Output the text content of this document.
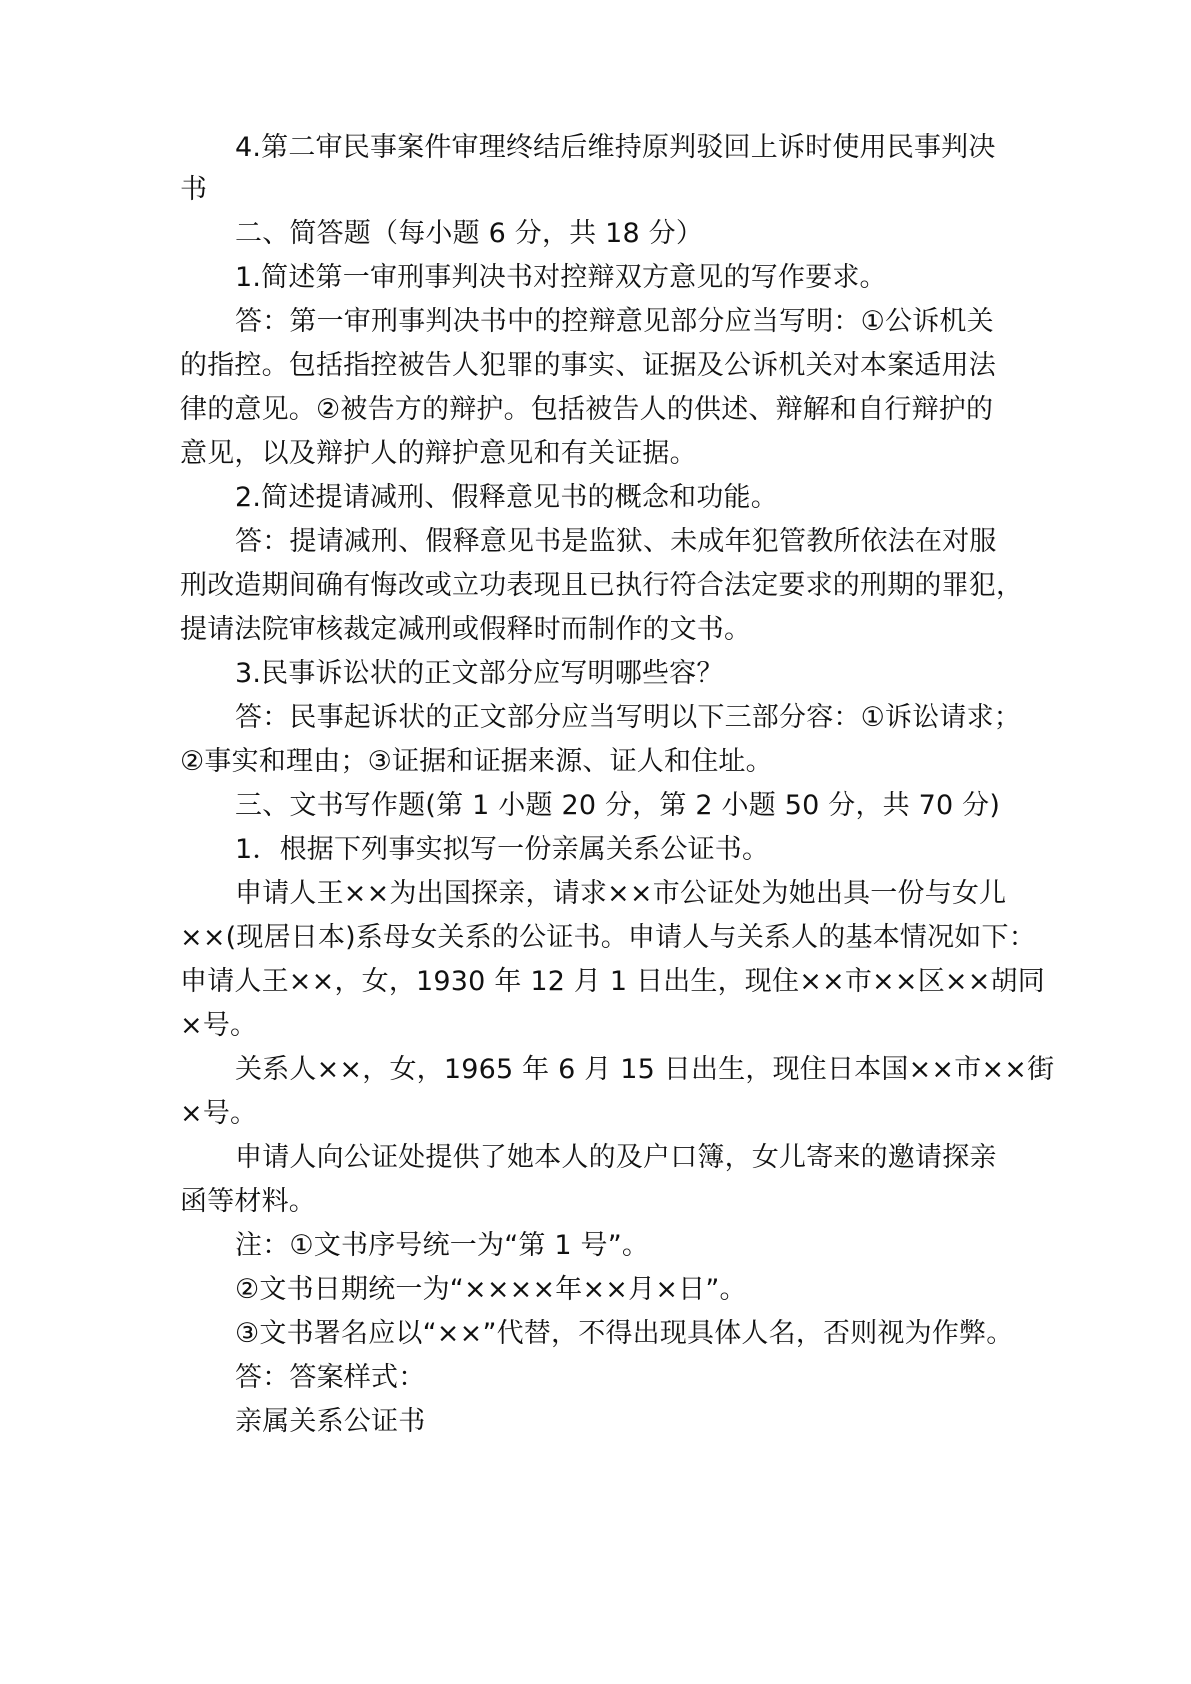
4.第二审民事案件审理终结后维持原判驳回上诉时使用民事判决
书
二、简答题（每小题 6 分，共 18 分）
1.简述第一审刑事判决书对控辩双方意见的写作要求。
答：第一审刑事判决书中的控辩意见部分应当写明：①公诉机关
的指控。包括指控被告人犯罪的事实、证据及公诉机关对本案适用法
律的意见。②被告方的辩护。包括被告人的供述、辩解和自行辩护的
意见，以及辩护人的辩护意见和有关证据。
2.简述提请减刑、假释意见书的概念和功能。
答：提请减刑、假释意见书是监狱、未成年犯管教所依法在对服
刑改造期间确有悔改或立功表现且已执行符合法定要求的刑期的罪犯，
提请法院审核裁定减刑或假释时而制作的文书。
3.民事诉讼状的正文部分应写明哪些容？
答：民事起诉状的正文部分应当写明以下三部分容：①诉讼请求；
②事实和理由；③证据和证据来源、证人和住址。
三、文书写作题(第 1 小题 20 分，第 2 小题 50 分，共 70 分)
1．根据下列事实拟写一份亲属关系公证书。
申请人王××为出国探亲，请求××市公证处为她出具一份与女儿
××(现居日本)系母女关系的公证书。申请人与关系人的基本情况如下：
申请人王××，女，1930 年 12 月 1 日出生，现住××市××区××胡同
×号。
关系人××，女，1965 年 6 月 15 日出生，现住日本国××市××街
×号。
申请人向公证处提供了她本人的及户口簿，女儿寄来的邀请探亲
函等材料。
注：①文书序号统一为“第 1 号”。
②文书日期统一为“××××年××月×日”。
③文书署名应以“××”代替，不得出现具体人名，否则视为作弊。
答：答案样式：
亲属关系公证书
